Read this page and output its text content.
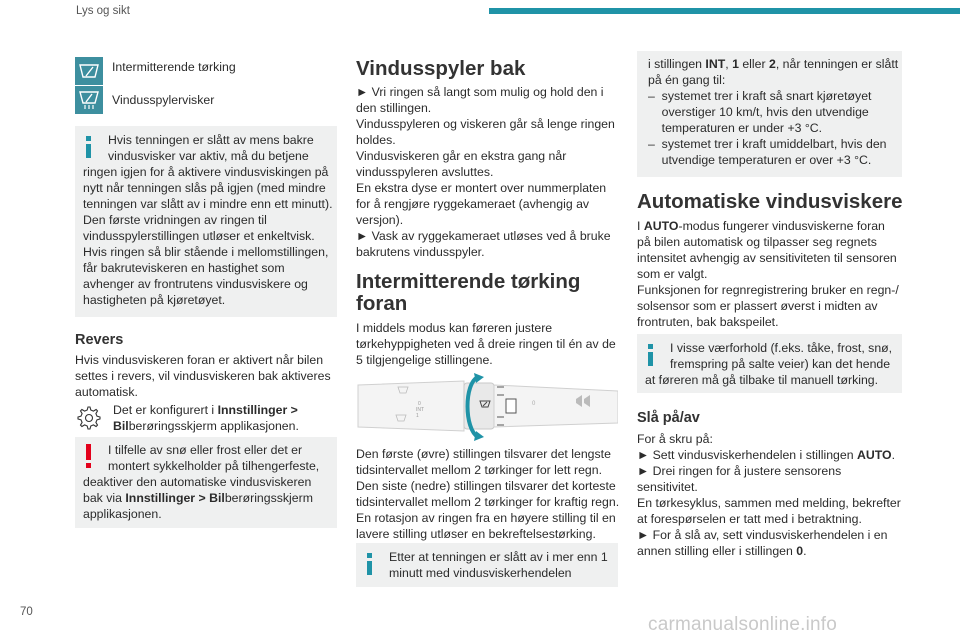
Lys og sikt
Intermitterende tørking
Vindusspylervisker
Hvis tenningen er slått av mens bakre
vindusvisker var aktiv, må du betjene
ringen igjen for å aktivere vindusviskingen på
nytt når tenningen slås på igjen (med mindre
tenningen var slått av i mindre enn ett minutt).
Den første vridningen av ringen til
vindusspylerstillingen utløser et enkeltvisk.
Hvis ringen så blir stående i mellomstillingen,
får bakruteviskeren en hastighet som
avhenger av frontrutens vindusviskere og
hastigheten på kjøretøyet.
Revers
Hvis vindusviskeren foran er aktivert når bilen
settes i revers, vil vindusviskeren bak aktiveres
automatisk.
Det er konfigurert i Innstillinger >
Bilberøringsskjerm applikasjonen.
I tilfelle av snø eller frost eller det er
montert sykkelholder på tilhengerfeste,
deaktiver den automatiske vindusviskeren
bak via Innstillinger > Bilberøringsskjerm
applikasjonen.
Vindusspyler bak
► Vri ringen så langt som mulig og hold den i
den stillingen.
Vindusspyleren og viskeren går så lenge ringen
holdes.
Vindusviskeren går en ekstra gang når
vindusspyleren avsluttes.
En ekstra dyse er montert over nummerplaten
for å rengjøre ryggekameraet (avhengig av
versjon).
► Vask av ryggekameraet utløses ved å bruke
bakrutens vindusspyler.
Intermitterende tørking
foran
I middels modus kan føreren justere
tørkehyppigheten ved å dreie ringen til én av de
5 tilgjengelige stillingene.
0
INT
1
0
Den første (øvre) stillingen tilsvarer det lengste
tidsintervallet mellom 2 tørkinger for lett regn.
Den siste (nedre) stillingen tilsvarer det korteste
tidsintervallet mellom 2 tørkinger for kraftig regn.
En rotasjon av ringen fra en høyere stilling til en
lavere stilling utløser en bekreftelsestørking.
Etter at tenningen er slått av i mer enn 1
minutt med vindusviskerhendelen
i stillingen INT, 1 eller 2, når tenningen er slått
på én gang til:
–  systemet trer i kraft så snart kjøretøyet
overstiger 10 km/t, hvis den utvendige
temperaturen er under +3 °C.
–  systemet trer i kraft umiddelbart, hvis den
utvendige temperaturen er over +3 °C.
Automatiske vindusviskere
I AUTO-modus fungerer vindusviskerne foran
på bilen automatisk og tilpasser seg regnets
intensitet avhengig av sensitiviteten til sensoren
som er valgt.
Funksjonen for regnregistrering bruker en regn-/
solsensor som er plassert øverst i midten av
frontruten, bak bakspeilet.
I visse værforhold (f.eks. tåke, frost, snø,
fremspring på salte veier) kan det hende
at føreren må gå tilbake til manuell tørking.
Slå på/av
For å skru på:
► Sett vindusviskerhendelen i stillingen AUTO.
► Drei ringen for å justere sensorens
sensitivitet.
En tørkesyklus, sammen med melding, bekrefter
at forespørselen er tatt med i betraktning.
► For å slå av, sett vindusviskerhendelen i en
annen stilling eller i stillingen 0.
70
carmanualsonline.info
